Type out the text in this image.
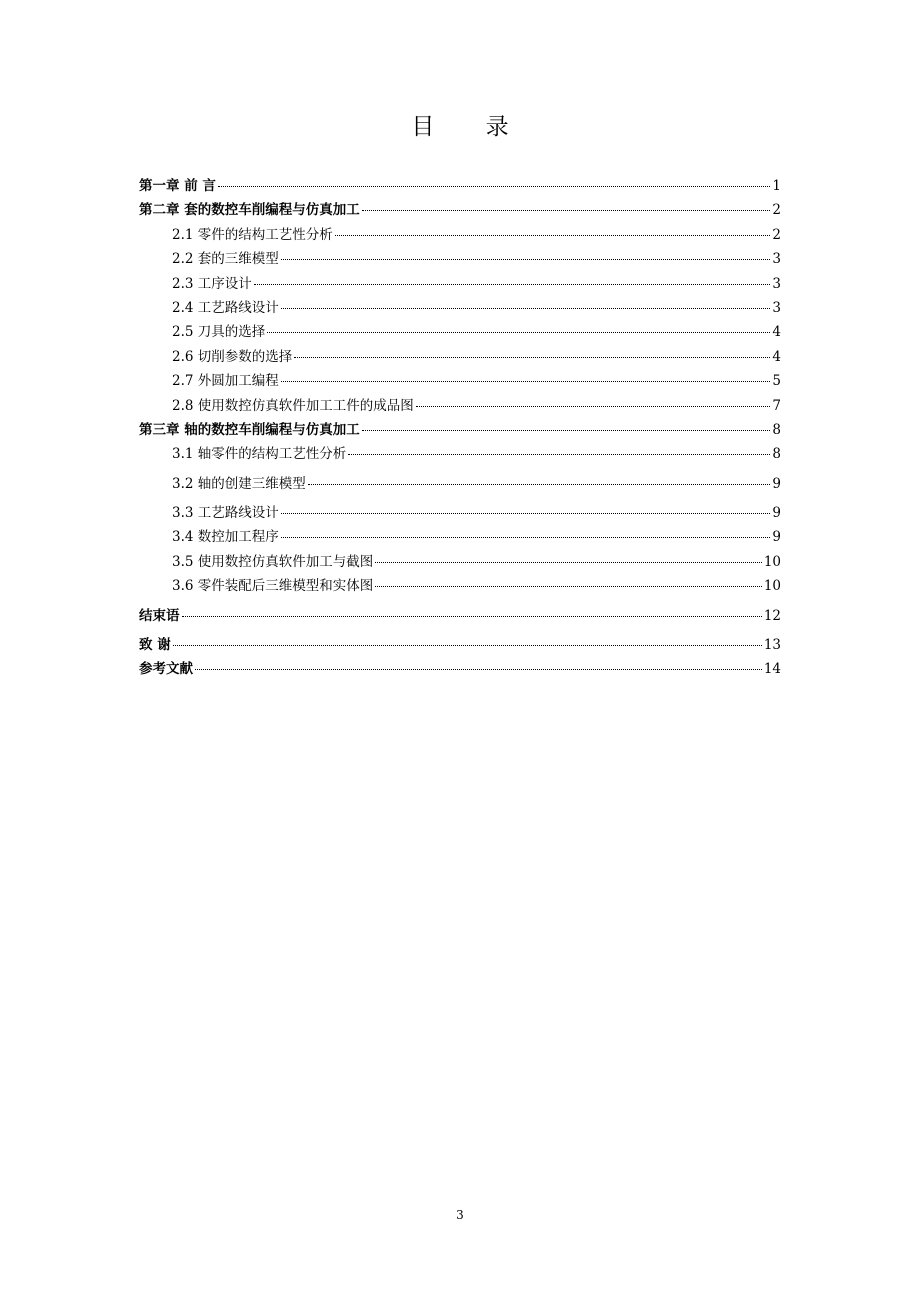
目 录
第一章 前 言	1
第二章 套的数控车削编程与仿真加工	2
2.1 零件的结构工艺性分析	2
2.2 套的三维模型	3
2.3 工序设计	3
2.4 工艺路线设计	3
2.5 刀具的选择	4
2.6 切削参数的选择	4
2.7 外圆加工编程	5
2.8 使用数控仿真软件加工工件的成品图	7
第三章 轴的数控车削编程与仿真加工	8
3.1 轴零件的结构工艺性分析	8
3.2 轴的创建三维模型	9
3.3 工艺路线设计	9
3.4 数控加工程序	9
3.5 使用数控仿真软件加工与截图	10
3.6 零件装配后三维模型和实体图	10
结束语	12
致 谢	13
参考文献	14
3
